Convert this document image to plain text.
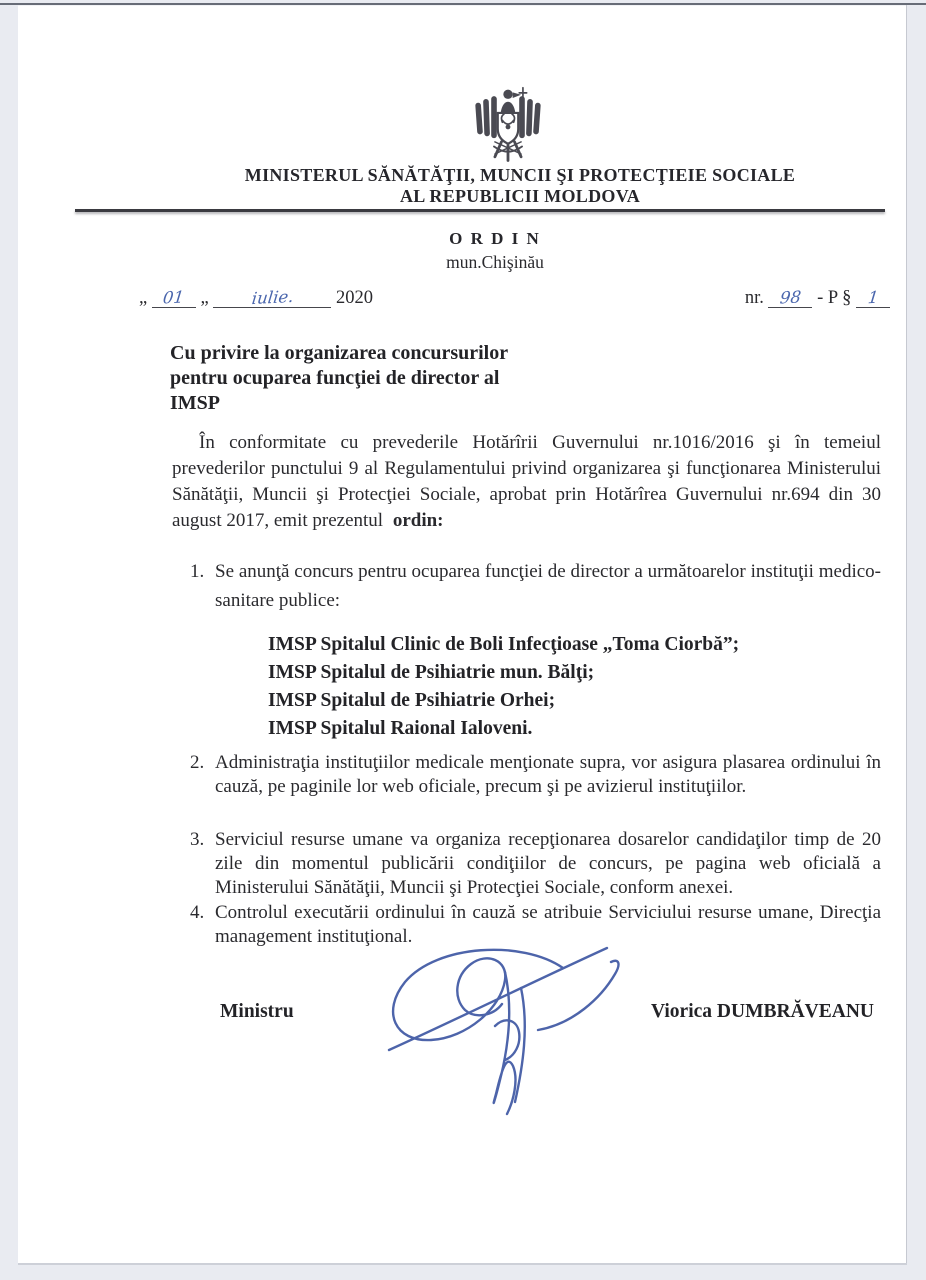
MINISTERUL SĂNĂTĂŢII, MUNCII ŞI PROTECŢIEIE SOCIALE
AL REPUBLICII MOLDOVA
O R D I N
mun.Chişinău
„ 01 „	iulie. 2020	nr. 98 - P § 1
Cu privire la organizarea concursurilor
pentru ocuparea funcţiei de director al
IMSP

În conformitate cu prevederile Hotărîrii Guvernului nr.1016/2016 şi în temeiul prevederilor punctului 9 al Regulamentului privind organizarea şi funcţionarea Ministerului Sănătăţii, Muncii şi Protecţiei Sociale, aprobat prin Hotărîrea Guvernului nr.694 din 30 august 2017, emit prezentul ordin:

1. Se anunţă concurs pentru ocuparea funcţiei de director a următoarelor instituţii medico-sanitare publice:
IMSP Spitalul Clinic de Boli Infecţioase „Toma Ciorbă”;
IMSP Spitalul de Psihiatrie mun. Bălţi;
IMSP Spitalul de Psihiatrie Orhei;
IMSP Spitalul Raional Ialoveni.
2. Administraţia instituţiilor medicale menţionate supra, vor asigura plasarea ordinului în cauză, pe paginile lor web oficiale, precum şi pe avizierul instituţiilor.
3. Serviciul resurse umane va organiza recepţionarea dosarelor candidaţilor timp de 20 zile din momentul publicării condiţiilor de concurs, pe pagina web oficială a Ministerului Sănătăţii, Muncii şi Protecţiei Sociale, conform anexei.
4. Controlul executării ordinului în cauză se atribuie Serviciului resurse umane, Direcţia management instituţional.
Ministru	Viorica DUMBRĂVEANU
